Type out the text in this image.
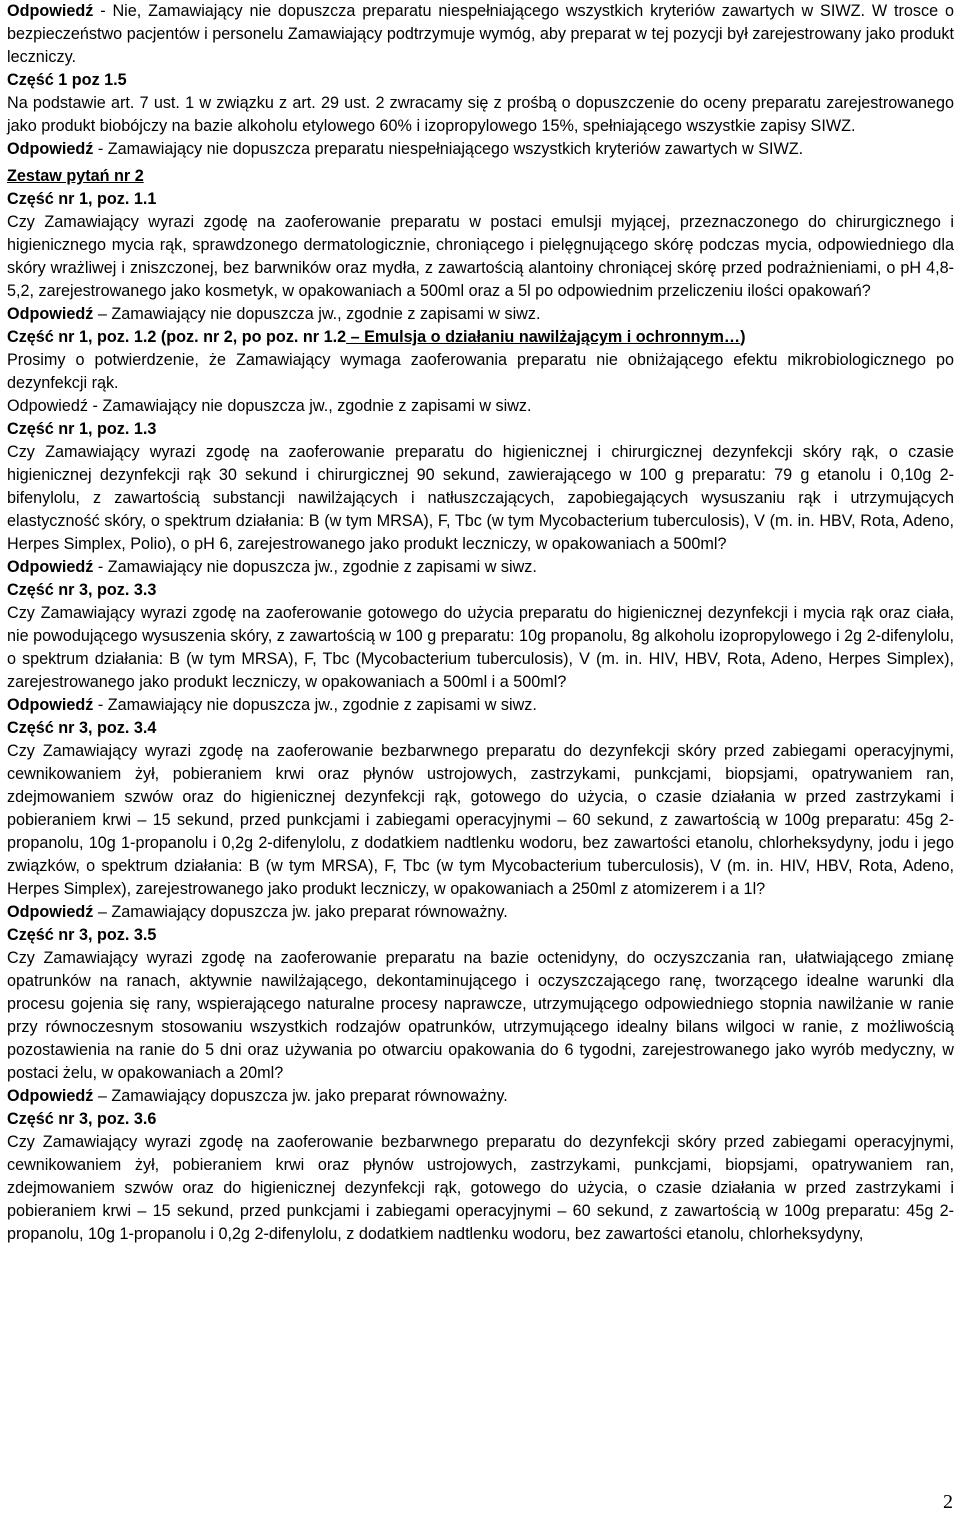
Odpowiedź - Nie, Zamawiający nie dopuszcza preparatu niespełniającego wszystkich kryteriów zawartych w SIWZ. W trosce o bezpieczeństwo pacjentów i personelu Zamawiający podtrzymuje wymóg, aby preparat w tej pozycji był zarejestrowany jako produkt leczniczy.

Część 1 poz 1.5

Na podstawie art. 7 ust. 1 w związku z art. 29 ust. 2 zwracamy się z prośbą o dopuszczenie do oceny preparatu zarejestrowanego jako produkt biobójczy na bazie alkoholu etylowego 60% i izopropylowego 15%, spełniającego wszystkie zapisy SIWZ.

Odpowiedź - Zamawiający nie dopuszcza preparatu niespełniającego wszystkich kryteriów zawartych w SIWZ.

Zestaw pytań nr 2

Część nr 1, poz. 1.1

Czy Zamawiający wyrazi zgodę na zaoferowanie preparatu w postaci emulsji myjącej, przeznaczonego do chirurgicznego i higienicznego mycia rąk, sprawdzonego dermatologicznie, chroniącego i pielęgnującego skórę podczas mycia, odpowiedniego dla skóry wrażliwej i zniszczonej, bez barwników oraz mydła, z zawartością alantoiny chroniącej skórę przed podrażnieniami, o pH 4,8-5,2, zarejestrowanego jako kosmetyk, w opakowaniach a 500ml oraz a 5l po odpowiednim przeliczeniu ilości opakowań?

Odpowiedź – Zamawiający nie dopuszcza jw., zgodnie z zapisami w siwz.

Część nr 1, poz. 1.2 (poz. nr 2, po poz. nr 1.2 – Emulsja o działaniu nawilżającym i ochronnym…)

Prosimy o potwierdzenie, że Zamawiający wymaga zaoferowania preparatu nie obniżającego efektu mikrobiologicznego po dezynfekcji rąk.

Odpowiedź - Zamawiający nie dopuszcza jw., zgodnie z zapisami w siwz.

Część nr 1, poz. 1.3

Czy Zamawiający wyrazi zgodę na zaoferowanie preparatu do higienicznej i chirurgicznej dezynfekcji skóry rąk, o czasie higienicznej dezynfekcji rąk 30 sekund i chirurgicznej 90 sekund, zawierającego w 100 g preparatu: 79 g etanolu i 0,10g 2-bifenylolu, z zawartością substancji nawilżających i natłuszczających, zapobiegających wysuszaniu rąk i utrzymujących elastyczność skóry, o spektrum działania: B (w tym MRSA), F, Tbc (w tym Mycobacterium tuberculosis), V (m. in. HBV, Rota, Adeno, Herpes Simplex, Polio), o pH 6, zarejestrowanego jako produkt leczniczy, w opakowaniach a 500ml?

Odpowiedź - Zamawiający nie dopuszcza jw., zgodnie z zapisami w siwz.

Część nr 3, poz. 3.3

Czy Zamawiający wyrazi zgodę na zaoferowanie gotowego do użycia preparatu do higienicznej dezynfekcji i mycia rąk oraz ciała, nie powodującego wysuszenia skóry, z zawartością w 100 g preparatu: 10g propanolu, 8g alkoholu izopropylowego i 2g 2-difenylolu, o spektrum działania: B (w tym MRSA), F, Tbc (Mycobacterium tuberculosis), V (m. in. HIV, HBV, Rota, Adeno, Herpes Simplex), zarejestrowanego jako produkt leczniczy, w opakowaniach a 500ml i a 500ml?

Odpowiedź - Zamawiający nie dopuszcza jw., zgodnie z zapisami w siwz.

Część nr 3, poz. 3.4

Czy Zamawiający wyrazi zgodę na zaoferowanie bezbarwnego preparatu do dezynfekcji skóry przed zabiegami operacyjnymi, cewnikowaniem żył, pobieraniem krwi oraz płynów ustrojowych, zastrzykami, punkcjami, biopsjami, opatrywaniem ran, zdejmowaniem szwów oraz do higienicznej dezynfekcji rąk, gotowego do użycia, o czasie działania w przed zastrzykami i pobieraniem krwi – 15 sekund, przed punkcjami i zabiegami operacyjnymi – 60 sekund, z zawartością w 100g preparatu: 45g 2-propanolu, 10g 1-propanolu i 0,2g 2-difenylolu, z dodatkiem nadtlenku wodoru, bez zawartości etanolu, chlorheksydyny, jodu i jego związków, o spektrum działania: B (w tym MRSA), F, Tbc (w tym Mycobacterium tuberculosis), V (m. in. HIV, HBV, Rota, Adeno, Herpes Simplex), zarejestrowanego jako produkt leczniczy, w opakowaniach a 250ml z atomizerem i a 1l?

Odpowiedź – Zamawiający dopuszcza jw. jako preparat równoważny.

Część nr 3, poz. 3.5

Czy Zamawiający wyrazi zgodę na zaoferowanie preparatu na bazie octenidyny, do oczyszczania ran, ułatwiającego zmianę opatrunków na ranach, aktywnie nawilżającego, dekontaminującego i oczyszczającego ranę, tworzącego idealne warunki dla procesu gojenia się rany, wspierającego naturalne procesy naprawcze, utrzymującego odpowiedniego stopnia nawilżanie w ranie przy równoczesnym stosowaniu wszystkich rodzajów opatrunków, utrzymującego idealny bilans wilgoci w ranie, z możliwością pozostawienia na ranie do 5 dni oraz używania po otwarciu opakowania do 6 tygodni, zarejestrowanego jako wyrób medyczny, w postaci żelu, w opakowaniach a 20ml?

Odpowiedź – Zamawiający dopuszcza jw. jako preparat równoważny.

Część nr 3, poz. 3.6

Czy Zamawiający wyrazi zgodę na zaoferowanie bezbarwnego preparatu do dezynfekcji skóry przed zabiegami operacyjnymi, cewnikowaniem żył, pobieraniem krwi oraz płynów ustrojowych, zastrzykami, punkcjami, biopsjami, opatrywaniem ran, zdejmowaniem szwów oraz do higienicznej dezynfekcji rąk, gotowego do użycia, o czasie działania w przed zastrzykami i pobieraniem krwi – 15 sekund, przed punkcjami i zabiegami operacyjnymi – 60 sekund, z zawartością w 100g preparatu: 45g 2-propanolu, 10g 1-propanolu i 0,2g 2-difenylolu, z dodatkiem nadtlenku wodoru, bez zawartości etanolu, chlorheksydyny,

2
